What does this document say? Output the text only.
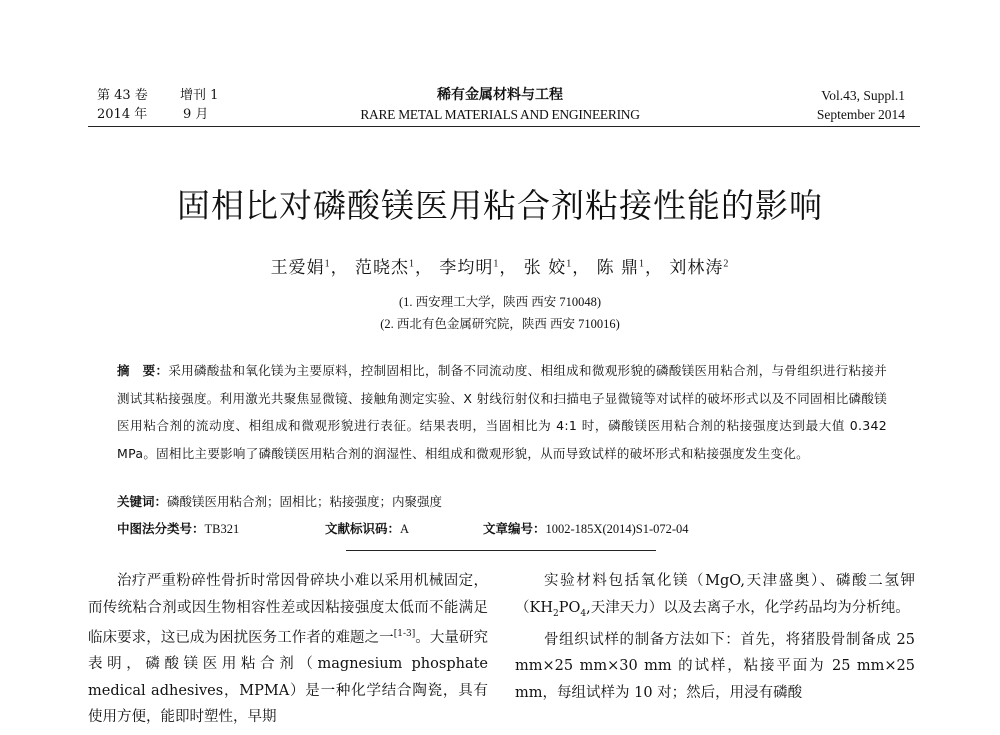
第 43 卷 增刊 1
2014 年	9 月
稀有金属材料与工程
RARE METAL MATERIALS AND ENGINEERING
Vol.43, Suppl.1
September 2014
固相比对磷酸镁医用粘合剂粘接性能的影响
王爱娟$^1$， 范晓杰$^1$， 李均明$^1$， 张 姣$^1$， 陈 鼎$^1$， 刘林涛$^2$
(1. 西安理工大学，陕西 西安 710048)
(2. 西北有色金属研究院，陕西 西安 710016)
摘　要：采用磷酸盐和氧化镁为主要原料，控制固相比，制备不同流动度、相组成和微观形貌的磷酸镁医用粘合剂，与骨组织进行粘接并测试其粘接强度。利用激光共聚焦显微镜、接触角测定实验、X 射线衍射仪和扫描电子显微镜等对试样的破坏形式以及不同固相比磷酸镁医用粘合剂的流动度、相组成和微观形貌进行表征。结果表明，当固相比为 4:1 时，磷酸镁医用粘合剂的粘接强度达到最大值 0.342 MPa。固相比主要影响了磷酸镁医用粘合剂的润湿性、相组成和微观形貌，从而导致试样的破坏形式和粘接强度发生变化。
关键词：磷酸镁医用粘合剂；固相比；粘接强度；内聚强度
中图法分类号：TB321	文献标识码：A	文章编号：1002-185X(2014)S1-072-04

治疗严重粉碎性骨折时常因骨碎块小难以采用机械固定，而传统粘合剂或因生物相容性差或因粘接强度太低而不能满足临床要求，这已成为困扰医务工作者的难题之一[1-3]。大量研究表明，磷酸镁医用粘合剂（magnesium phosphate medical adhesives，MPMA）是一种化学结合陶瓷，具有使用方便，能即时塑性，早期

实验材料包括氧化镁（MgO,天津盛奥）、磷酸二氢钾（$KH_2PO_4$,天津天力）以及去离子水，化学药品均为分析纯。

骨组织试样的制备方法如下：首先，将猪股骨制备成 25 mm×25 mm×30 mm 的试样，粘接平面为 25 mm×25 mm，每组试样为 10 对；然后，用浸有磷酸
